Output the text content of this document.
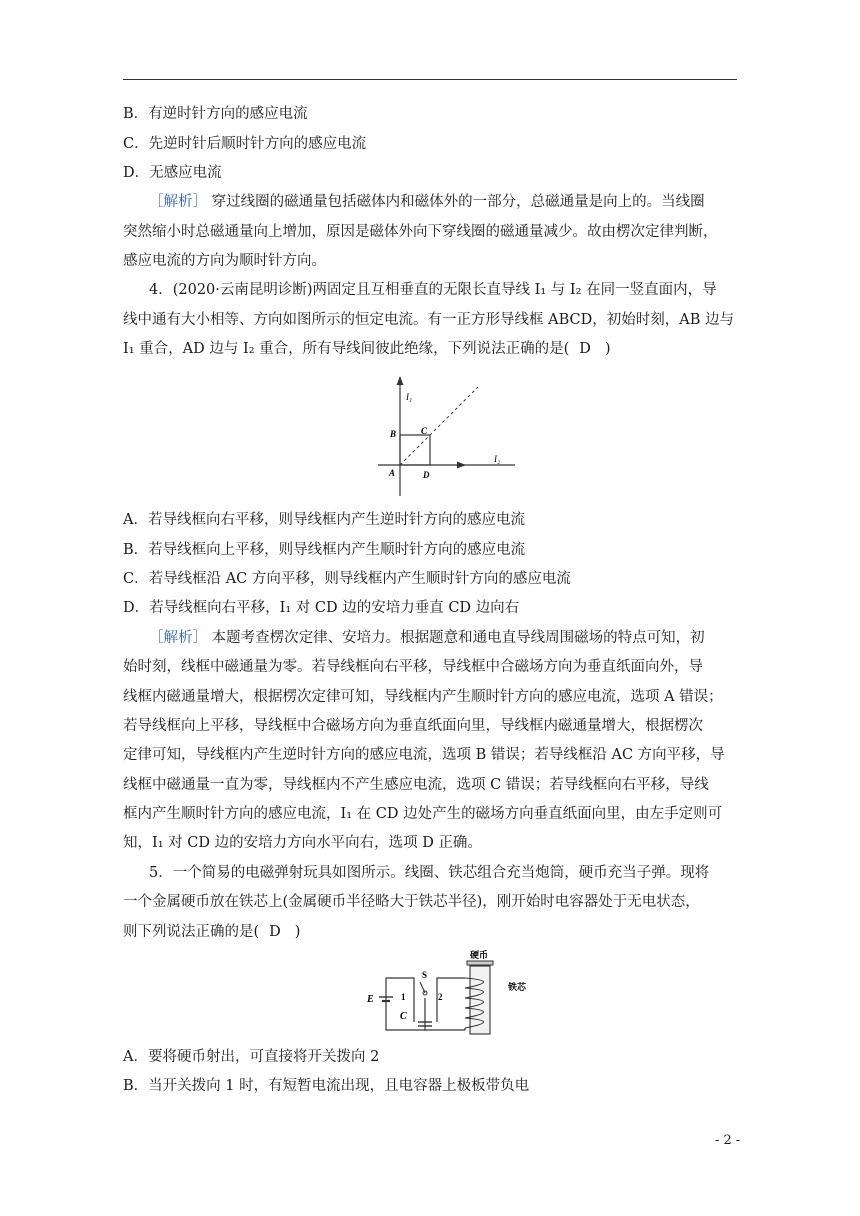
B．有逆时针方向的感应电流
C．先逆时针后顺时针方向的感应电流
D．无感应电流
［解析］ 穿过线圈的磁通量包括磁体内和磁体外的一部分，总磁通量是向上的。当线圈
突然缩小时总磁通量向上增加，原因是磁体外向下穿线圈的磁通量减少。故由楞次定律判断，
感应电流的方向为顺时针方向。
4．(2020·云南昆明诊断)两固定且互相垂直的无限长直导线 I₁ 与 I₂ 在同一竖直面内，导
线中通有大小相等、方向如图所示的恒定电流。有一正方形导线框 ABCD，初始时刻，AB 边与
I₁ 重合，AD 边与 I₂ 重合，所有导线间彼此绝缘，下列说法正确的是( D )
I₁
I₂
A
B	C
D
A．若导线框向右平移，则导线框内产生逆时针方向的感应电流
B．若导线框向上平移，则导线框内产生顺时针方向的感应电流
C．若导线框沿 AC 方向平移，则导线框内产生顺时针方向的感应电流
D．若导线框向右平移，I₁ 对 CD 边的安培力垂直 CD 边向右
［解析］ 本题考查楞次定律、安培力。根据题意和通电直导线周围磁场的特点可知，初
始时刻，线框中磁通量为零。若导线框向右平移，导线框中合磁场方向为垂直纸面向外，导
线框内磁通量增大，根据楞次定律可知，导线框内产生顺时针方向的感应电流，选项 A 错误；
若导线框向上平移，导线框中合磁场方向为垂直纸面向里，导线框内磁通量增大，根据楞次
定律可知，导线框内产生逆时针方向的感应电流，选项 B 错误；若导线框沿 AC 方向平移，导
线框中磁通量一直为零，导线框内不产生感应电流，选项 C 错误；若导线框向右平移，导线
框内产生顺时针方向的感应电流，I₁ 在 CD 边处产生的磁场方向垂直纸面向里，由左手定则可
知，I₁ 对 CD 边的安培力方向水平向右，选项 D 正确。
5．一个简易的电磁弹射玩具如图所示。线圈、铁芯组合充当炮筒，硬币充当子弹。现将
一个金属硬币放在铁芯上(金属硬币半径略大于铁芯半径)，刚开始时电容器处于无电状态，
则下列说法正确的是( D )
硬币
铁芯
E
C
S
1	2
A．要将硬币射出，可直接将开关拨向 2
B．当开关拨向 1 时，有短暂电流出现，且电容器上极板带负电
- 2 -
